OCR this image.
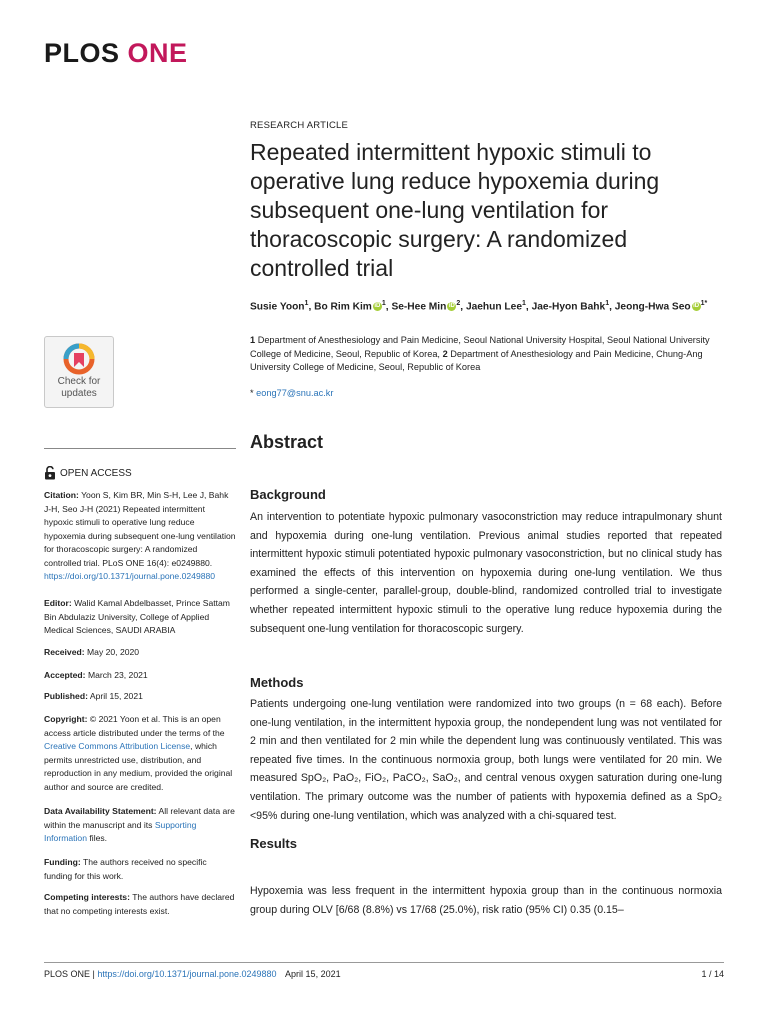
PLOS ONE
Check for
updates
OPEN ACCESS
Citation: Yoon S, Kim BR, Min S-H, Lee J, Bahk J-H, Seo J-H (2021) Repeated intermittent hypoxic stimuli to operative lung reduce hypoxemia during subsequent one-lung ventilation for thoracoscopic surgery: A randomized controlled trial. PLoS ONE 16(4): e0249880. https://doi.org/10.1371/journal.pone.0249880
Editor: Walid Kamal Abdelbasset, Prince Sattam Bin Abdulaziz University, College of Applied Medical Sciences, SAUDI ARABIA
Received: May 20, 2020
Accepted: March 23, 2021
Published: April 15, 2021
Copyright: © 2021 Yoon et al. This is an open access article distributed under the terms of the Creative Commons Attribution License, which permits unrestricted use, distribution, and reproduction in any medium, provided the original author and source are credited.
Data Availability Statement: All relevant data are within the manuscript and its Supporting Information files.
Funding: The authors received no specific funding for this work.
Competing interests: The authors have declared that no competing interests exist.
RESEARCH ARTICLE
Repeated intermittent hypoxic stimuli to operative lung reduce hypoxemia during subsequent one-lung ventilation for thoracoscopic surgery: A randomized controlled trial
Susie Yoon$^1$, Bo Rim Kim iD $^1$, Se-Hee Min iD $^2$, Jaehun Lee$^1$, Jae-Hyon Bahk$^1$, Jeong-Hwa Seo iD $^{1*}$
1 Department of Anesthesiology and Pain Medicine, Seoul National University Hospital, Seoul National University College of Medicine, Seoul, Republic of Korea, 2 Department of Anesthesiology and Pain Medicine, Chung-Ang University College of Medicine, Seoul, Republic of Korea
* eong77@snu.ac.kr
Abstract
Background

An intervention to potentiate hypoxic pulmonary vasoconstriction may reduce intrapulmonary shunt and hypoxemia during one-lung ventilation. Previous animal studies reported that repeated intermittent hypoxic stimuli potentiated hypoxic pulmonary vasoconstriction, but no clinical study has examined the effects of this intervention on hypoxemia during one-lung ventilation. We thus performed a single-center, parallel-group, double-blind, randomized controlled trial to investigate whether repeated intermittent hypoxic stimuli to the operative lung reduce hypoxemia during the subsequent one-lung ventilation for thoracoscopic surgery.

Methods

Patients undergoing one-lung ventilation were randomized into two groups (n = 68 each). Before one-lung ventilation, in the intermittent hypoxia group, the nondependent lung was not ventilated for 2 min and then ventilated for 2 min while the dependent lung was continuously ventilated. This was repeated five times. In the continuous normoxia group, both lungs were ventilated for 20 min. We measured SpO₂, PaO₂, FiO₂, PaCO₂, SaO₂, and central venous oxygen saturation during one-lung ventilation. The primary outcome was the number of patients with hypoxemia defined as a SpO₂ <95% during one-lung ventilation, which was analyzed with a chi-squared test.

Results

Hypoxemia was less frequent in the intermittent hypoxia group than in the continuous normoxia group during OLV [6/68 (8.8%) vs 17/68 (25.0%), risk ratio (95% CI) 0.35 (0.15–

PLOS ONE | https://doi.org/10.1371/journal.pone.0249880 April 15, 2021	1 / 14
